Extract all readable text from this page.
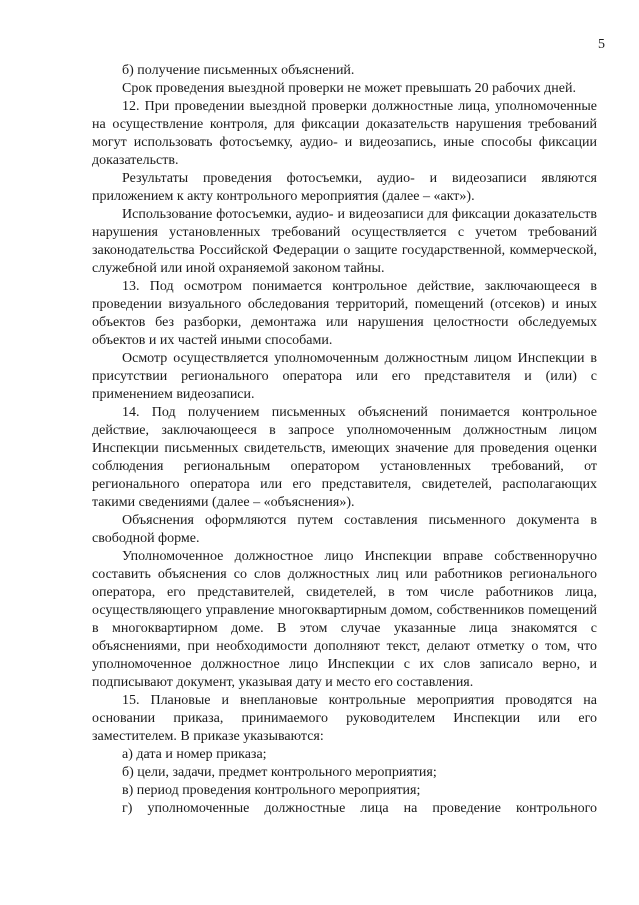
5

б) получение письменных объяснений.

Срок проведения выездной проверки не может превышать 20 рабочих дней.

12. При проведении выездной проверки должностные лица, уполномоченные на осуществление контроля, для фиксации доказательств нарушения требований могут использовать фотосъемку, аудио- и видеозапись, иные способы фиксации доказательств.

Результаты проведения фотосъемки, аудио- и видеозаписи являются приложением к акту контрольного мероприятия (далее – «акт»).

Использование фотосъемки, аудио- и видеозаписи для фиксации доказательств нарушения установленных требований осуществляется с учетом требований законодательства Российской Федерации о защите государственной, коммерческой, служебной или иной охраняемой законом тайны.

13. Под осмотром понимается контрольное действие, заключающееся в проведении визуального обследования территорий, помещений (отсеков) и иных объектов без разборки, демонтажа или нарушения целостности обследуемых объектов и их частей иными способами.

Осмотр осуществляется уполномоченным должностным лицом Инспекции в присутствии регионального оператора или его представителя и (или) с применением видеозаписи.

14. Под получением письменных объяснений понимается контрольное действие, заключающееся в запросе уполномоченным должностным лицом Инспекции письменных свидетельств, имеющих значение для проведения оценки соблюдения региональным оператором установленных требований, от регионального оператора или его представителя, свидетелей, располагающих такими сведениями (далее – «объяснения»).

Объяснения оформляются путем составления письменного документа в свободной форме.

Уполномоченное должностное лицо Инспекции вправе собственноручно составить объяснения со слов должностных лиц или работников регионального оператора, его представителей, свидетелей, в том числе работников лица, осуществляющего управление многоквартирным домом, собственников помещений в многоквартирном доме. В этом случае указанные лица знакомятся с объяснениями, при необходимости дополняют текст, делают отметку о том, что уполномоченное должностное лицо Инспекции с их слов записало верно, и подписывают документ, указывая дату и место его составления.

15. Плановые и внеплановые контрольные мероприятия проводятся на основании приказа, принимаемого руководителем Инспекции или его заместителем. В приказе указываются:

а) дата и номер приказа;

б) цели, задачи, предмет контрольного мероприятия;

в) период проведения контрольного мероприятия;

г) уполномоченные должностные лица на проведение контрольного
